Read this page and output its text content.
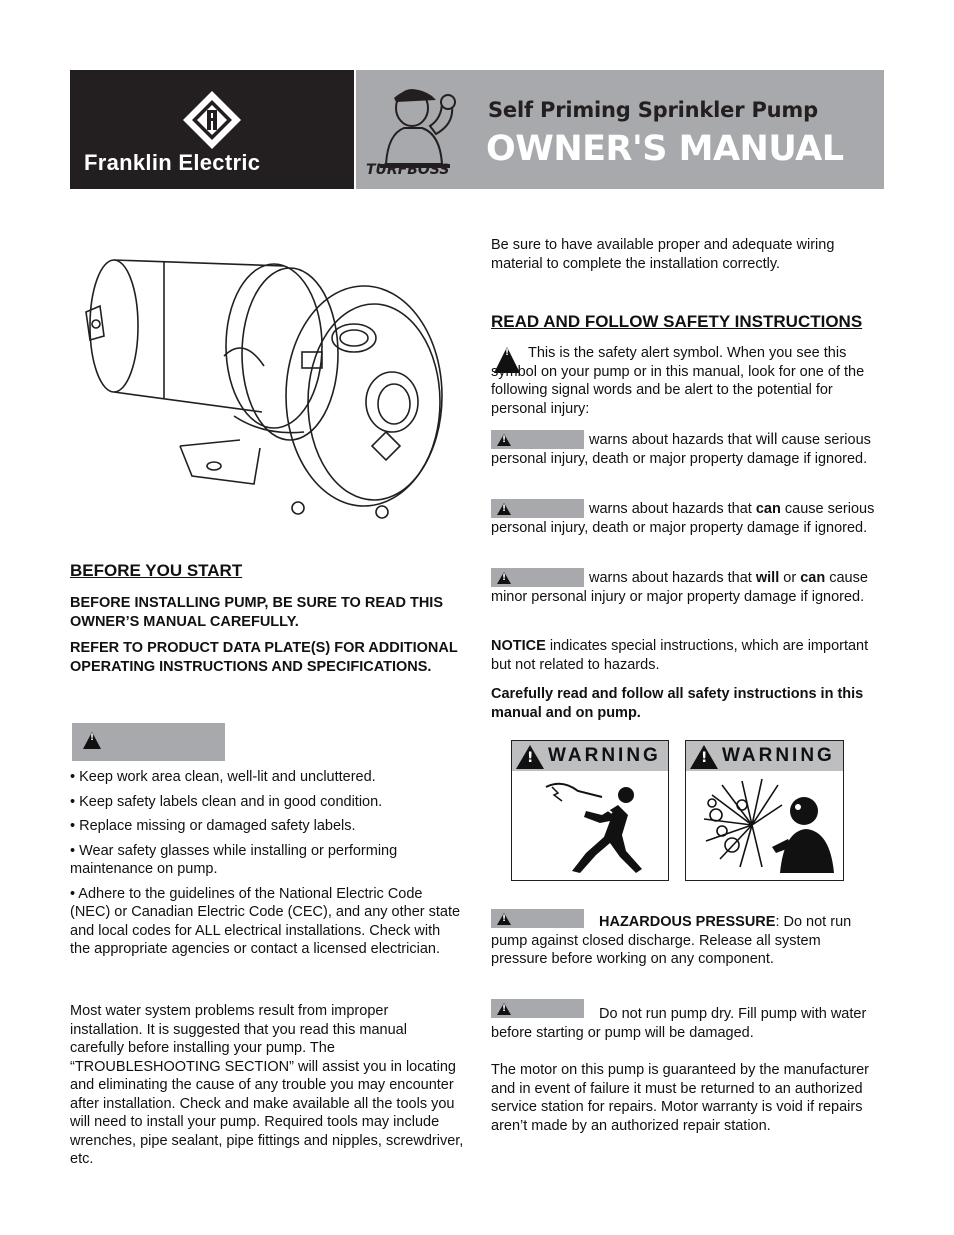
Franklin Electric	TURFBOSS
Self Priming Sprinkler Pump
OWNER'S MANUAL
BEFORE YOU START
BEFORE INSTALLING PUMP, BE SURE TO READ THIS OWNER’S MANUAL CAREFULLY.
REFER TO PRODUCT DATA PLATE(S) FOR ADDITIONAL OPERATING INSTRUCTIONS AND SPECIFICATIONS.
!
• Keep work area clean, well-lit and uncluttered.
• Keep safety labels clean and in good condition.
• Replace missing or damaged safety labels.
• Wear safety glasses while installing or performing maintenance on pump.
• Adhere to the guidelines of the National Electric Code (NEC) or Canadian Electric Code (CEC), and any other state and local codes for ALL electrical installations. Check with the appropriate agencies or contact a licensed electrician.
Most water system problems result from improper installation. It is suggested that you read this manual carefully before installing your pump. The “TROUBLESHOOTING SECTION” will assist you in locating and eliminating the cause of any trouble you may encounter after installation. Check and make available all the tools you will need to install your pump. Required tools may include wrenches, pipe sealant, pipe fittings and nipples, screwdriver, etc.
Be sure to have available proper and adequate wiring material to complete the installation correctly.
READ AND FOLLOW SAFETY INSTRUCTIONS
!
This is the safety alert symbol. When you see this symbol on your pump or in this manual, look for one of the following signal words and be alert to the potential for personal injury:
!
warns about hazards that will cause serious personal injury, death or major property damage if ignored.
!
warns about hazards that can cause serious personal injury, death or major property damage if ignored.
!
warns about hazards that will or can cause minor personal injury or major property damage if ignored.
NOTICE indicates special instructions, which are important but not related to hazards.
Carefully read and follow all safety instructions in this manual and on pump.
!
WARNING
!	WARNING
!
HAZARDOUS PRESSURE: Do not run pump against closed discharge. Release all system pressure before working on any component.
!
Do not run pump dry. Fill pump with water before starting or pump will be damaged.
The motor on this pump is guaranteed by the manufacturer and in event of failure it must be returned to an authorized service station for repairs. Motor warranty is void if repairs aren’t made by an authorized repair station.
